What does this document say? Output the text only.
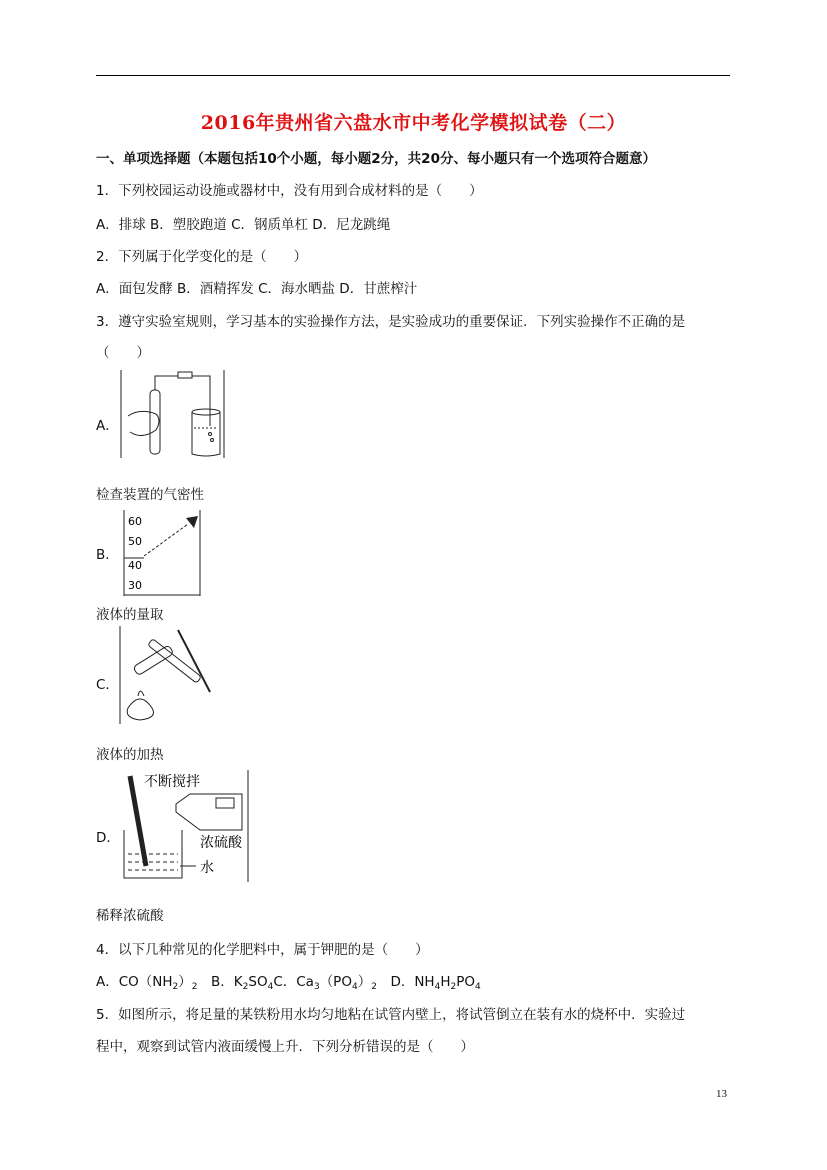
2016年贵州省六盘水市中考化学模拟试卷（二）
一、单项选择题（本题包括10个小题，每小题2分，共20分、每小题只有一个选项符合题意）
1．下列校园运动设施或器材中，没有用到合成材料的是（　　）
A．排球 B．塑胶跑道 C．钢质单杠 D．尼龙跳绳
2．下列属于化学变化的是（　　）
A．面包发酵 B．酒精挥发 C．海水晒盐 D．甘蔗榨汁
3．遵守实验室规则，学习基本的实验操作方法，是实验成功的重要保证．下列实验操作不正确的是
（　　）
A．
检查装置的气密性
B．
60
50
40
30
液体的量取
C．
液体的加热
D．
不断搅拌
浓硫酸
水
稀释浓硫酸
4．以下几种常见的化学肥料中，属于钾肥的是（　　）
A．$CO(NH_2)_2$  B．$K_2SO_4C$．$Ca_3(PO_4)_2$  D．$NH_4H_2PO_4$
5．如图所示，将足量的某铁粉用水均匀地粘在试管内壁上，将试管倒立在装有水的烧杯中．实验过
程中，观察到试管内液面缓慢上升．下列分析错误的是（　　）
13
